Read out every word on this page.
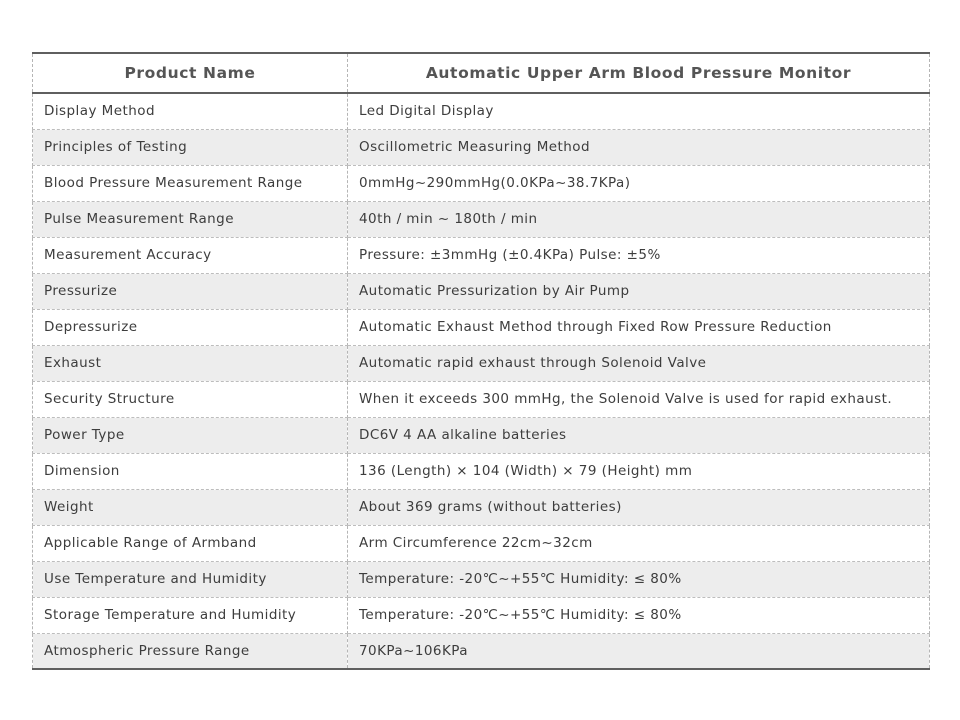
Product Name	Automatic Upper Arm Blood Pressure Monitor
Display Method	Led Digital Display
Principles of Testing	Oscillometric Measuring Method
Blood Pressure Measurement Range	0mmHg~290mmHg(0.0KPa~38.7KPa)
Pulse Measurement Range	40th / min ~ 180th / min
Measurement Accuracy	Pressure: ±3mmHg (±0.4KPa) Pulse: ±5%
Pressurize	Automatic Pressurization by Air Pump
Depressurize	Automatic Exhaust Method through Fixed Row Pressure Reduction
Exhaust	Automatic rapid exhaust through Solenoid Valve
Security Structure	When it exceeds 300 mmHg, the Solenoid Valve is used for rapid exhaust.
Power Type	DC6V 4 AA alkaline batteries
Dimension	136 (Length) × 104 (Width) × 79 (Height) mm
Weight	About 369 grams (without batteries)
Applicable Range of Armband	Arm Circumference 22cm~32cm
Use Temperature and Humidity	Temperature: -20℃~+55℃ Humidity: ≤ 80%
Storage Temperature and Humidity	Temperature: -20℃~+55℃ Humidity: ≤ 80%
Atmospheric Pressure Range	70KPa~106KPa
